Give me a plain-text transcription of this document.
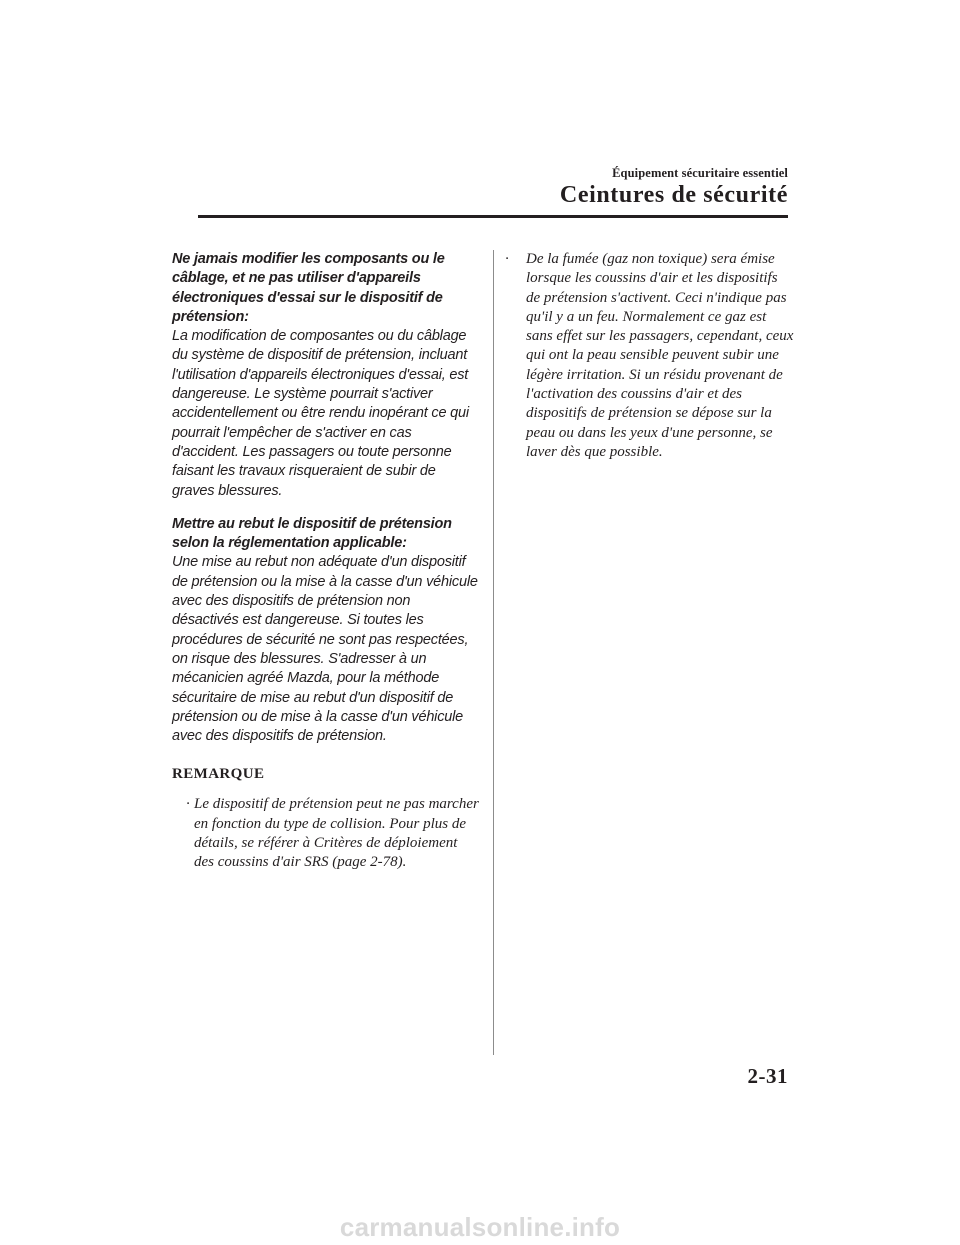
Équipement sécuritaire essentiel
Ceintures de sécurité
Ne jamais modifier les composants ou le câblage, et ne pas utiliser d'appareils électroniques d'essai sur le dispositif de prétension:
La modification de composantes ou du câblage du système de dispositif de prétension, incluant l'utilisation d'appareils électroniques d'essai, est dangereuse. Le système pourrait s'activer accidentellement ou être rendu inopérant ce qui pourrait l'empêcher de s'activer en cas d'accident. Les passagers ou toute personne faisant les travaux risqueraient de subir de graves blessures.
Mettre au rebut le dispositif de prétension selon la réglementation applicable:
Une mise au rebut non adéquate d'un dispositif de prétension ou la mise à la casse d'un véhicule avec des dispositifs de prétension non désactivés est dangereuse. Si toutes les procédures de sécurité ne sont pas respectées, on risque des blessures. S'adresser à un mécanicien agréé Mazda, pour la méthode sécuritaire de mise au rebut d'un dispositif de prétension ou de mise à la casse d'un véhicule avec des dispositifs de prétension.
REMARQUE
· Le dispositif de prétension peut ne pas marcher en fonction du type de collision. Pour plus de détails, se référer à Critères de déploiement des coussins d'air SRS (page 2-78).
· De la fumée (gaz non toxique) sera émise lorsque les coussins d'air et les dispositifs de prétension s'activent. Ceci n'indique pas qu'il y a un feu. Normalement ce gaz est sans effet sur les passagers, cependant, ceux qui ont la peau sensible peuvent subir une légère irritation. Si un résidu provenant de l'activation des coussins d'air et des dispositifs de prétension se dépose sur la peau ou dans les yeux d'une personne, se laver dès que possible.
2-31
carmanualsonline.info
